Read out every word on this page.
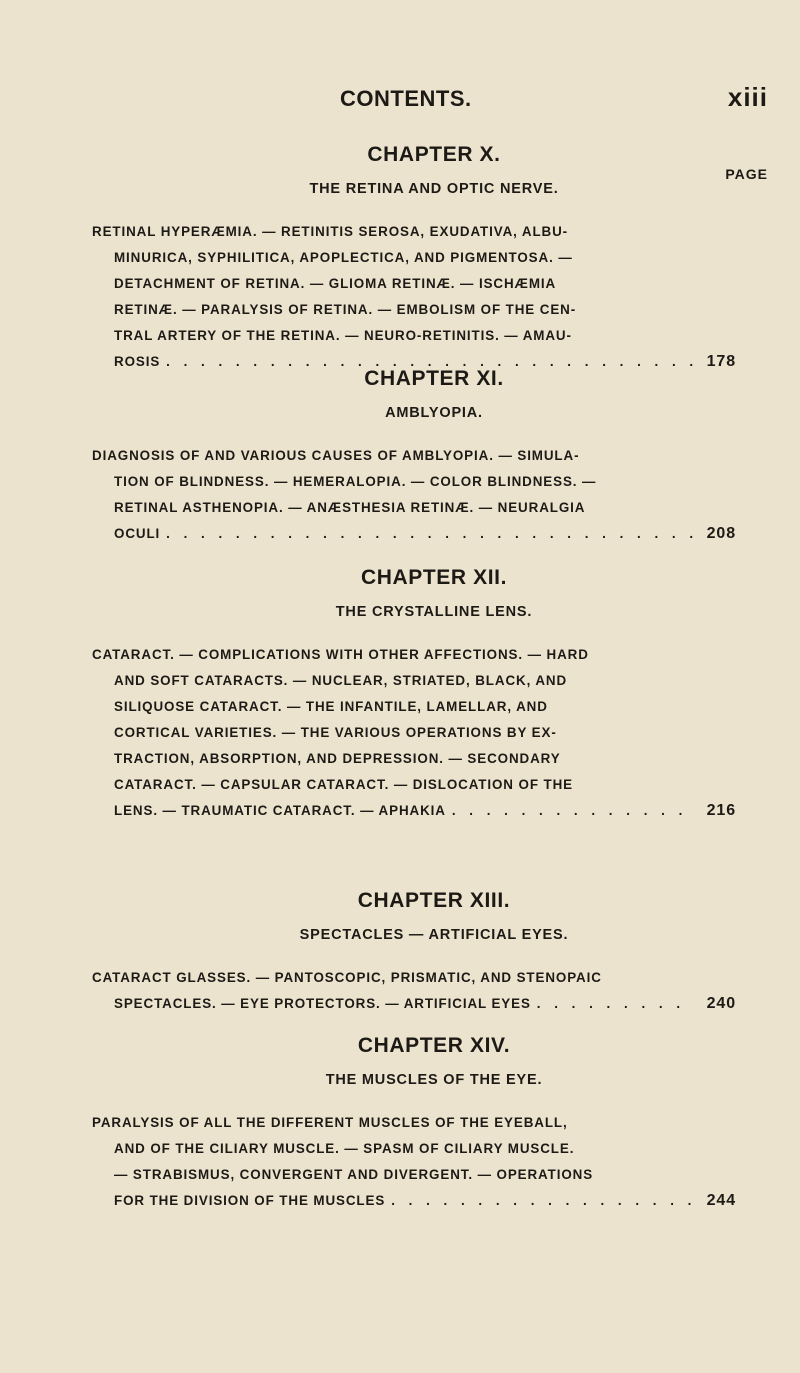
CONTENTS.	xiii
PAGE
CHAPTER X.
THE RETINA AND OPTIC NERVE.
RETINAL HYPERÆMIA. — RETINITIS SEROSA, EXUDATIVA, ALBU-
MINURICA, SYPHILITICA, APOPLECTICA, AND PIGMENTOSA. —
DETACHMENT OF RETINA. — GLIOMA RETINÆ. — ISCHÆMIA
RETINÆ. — PARALYSIS OF RETINA. — EMBOLISM OF THE CEN-
TRAL ARTERY OF THE RETINA. — NEURO-RETINITIS. — AMAU-
ROSIS . . .	178
CHAPTER XI.
AMBLYOPIA.
DIAGNOSIS OF AND VARIOUS CAUSES OF AMBLYOPIA. — SIMULA-
TION OF BLINDNESS. — HEMERALOPIA. — COLOR BLINDNESS. —
RETINAL ASTHENOPIA. — ANÆSTHESIA RETINÆ. — NEURALGIA
OCULI . . .	208
CHAPTER XII.
THE CRYSTALLINE LENS.
CATARACT. — COMPLICATIONS WITH OTHER AFFECTIONS. — HARD
AND SOFT CATARACTS. — NUCLEAR, STRIATED, BLACK, AND
SILIQUOSE CATARACT. — THE INFANTILE, LAMELLAR, AND
CORTICAL VARIETIES. — THE VARIOUS OPERATIONS BY EX-
TRACTION, ABSORPTION, AND DEPRESSION. — SECONDARY
CATARACT. — CAPSULAR CATARACT. — DISLOCATION OF THE
LENS. — TRAUMATIC CATARACT. — APHAKIA . . .	216
CHAPTER XIII.
SPECTACLES — ARTIFICIAL EYES.
CATARACT GLASSES. — PANTOSCOPIC, PRISMATIC, AND STENOPAIC
SPECTACLES. — EYE PROTECTORS. — ARTIFICIAL EYES . . .	240
CHAPTER XIV.
THE MUSCLES OF THE EYE.
PARALYSIS OF ALL THE DIFFERENT MUSCLES OF THE EYEBALL,
AND OF THE CILIARY MUSCLE. — SPASM OF CILIARY MUSCLE.
— STRABISMUS, CONVERGENT AND DIVERGENT. — OPERATIONS
FOR THE DIVISION OF THE MUSCLES . . .	244
